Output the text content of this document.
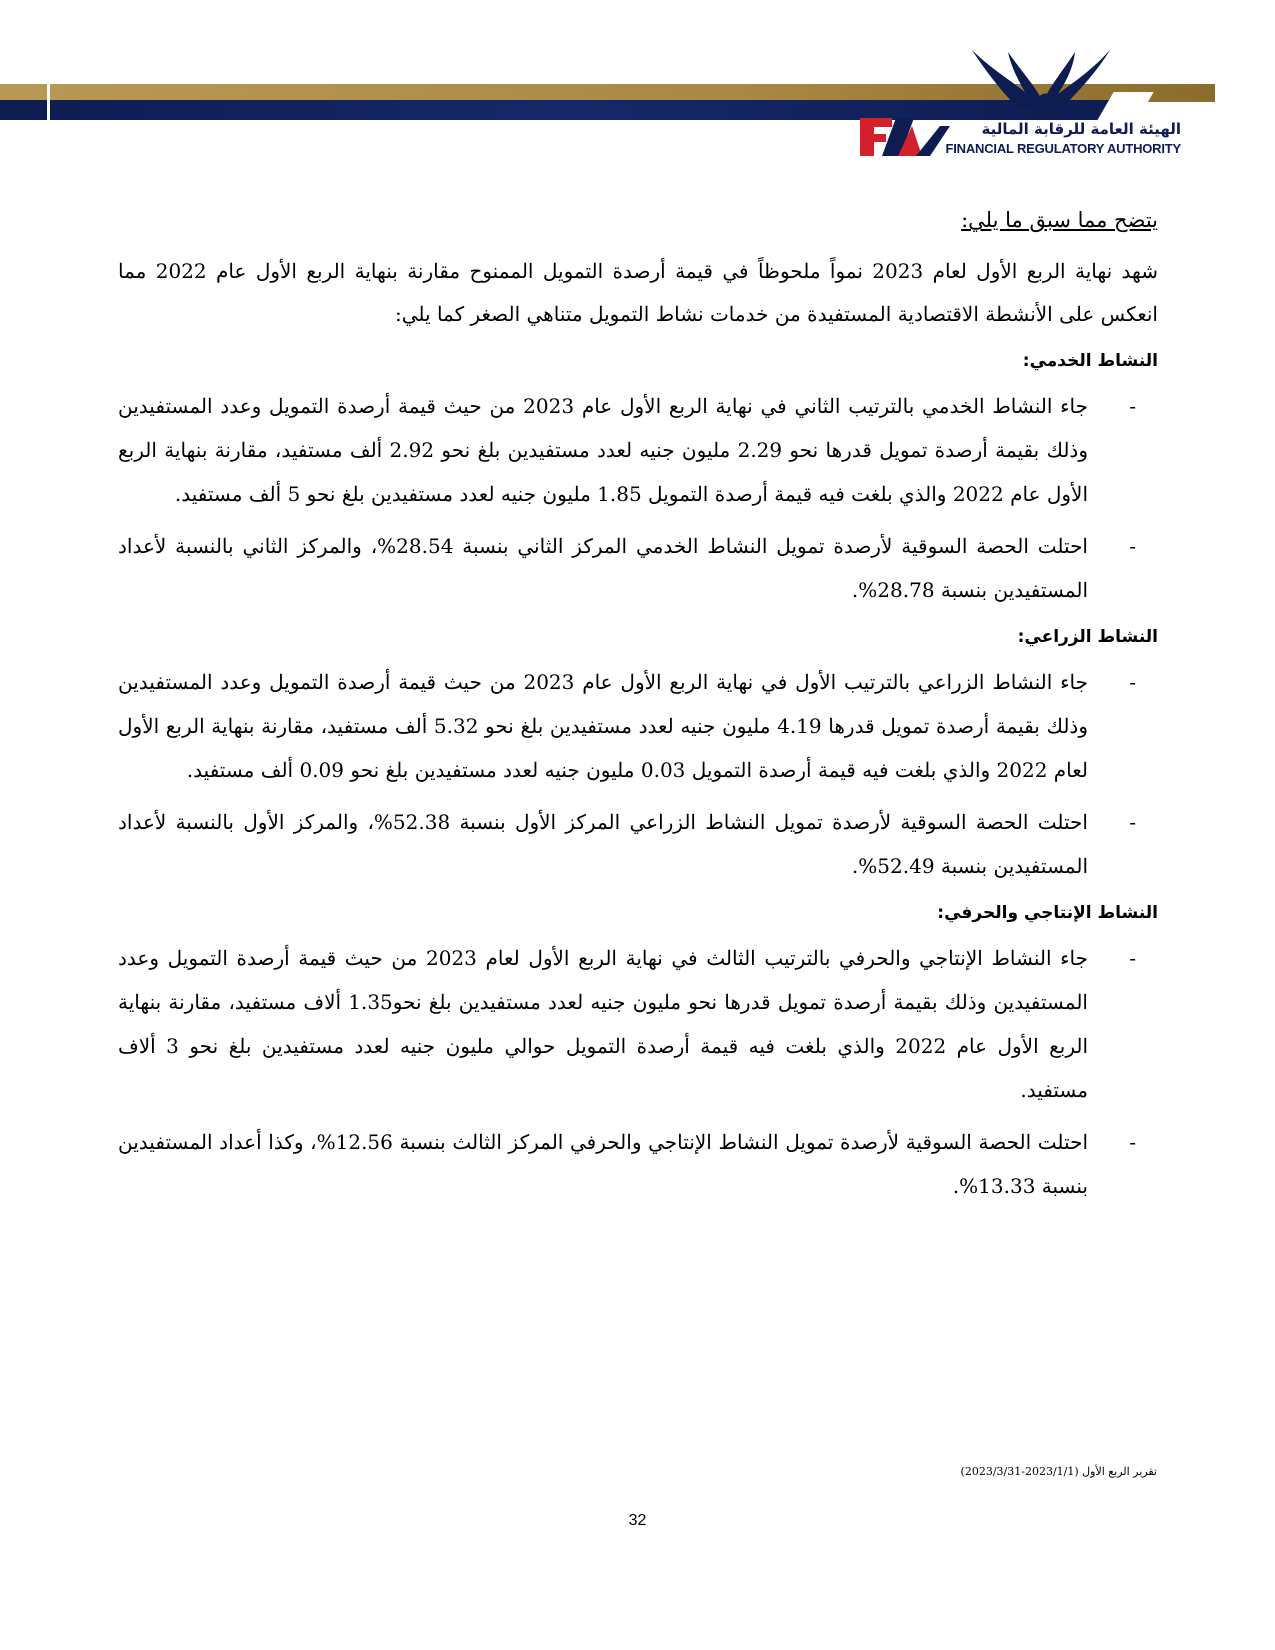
الهيئة العامة للرقابة المالية
FINANCIAL REGULATORY AUTHORITY

يتضح مما سبق ما يلي:

شهد نهاية الربع الأول لعام 2023 نمواً ملحوظاً في قيمة أرصدة التمويل الممنوح مقارنة بنهاية الربع الأول عام 2022 مما انعكس على الأنشطة الاقتصادية المستفيدة من خدمات نشاط التمويل متناهي الصغر كما يلي:

النشاط الخدمي:
-
جاء النشاط الخدمي بالترتيب الثاني في نهاية الربع الأول عام 2023 من حيث قيمة أرصدة التمويل وعدد المستفيدين وذلك بقيمة أرصدة تمويل قدرها نحو 2.29 مليون جنيه لعدد مستفيدين بلغ نحو 2.92 ألف مستفيد، مقارنة بنهاية الربع الأول عام 2022 والذي بلغت فيه قيمة أرصدة التمويل 1.85 مليون جنيه لعدد مستفيدين بلغ نحو 5 ألف مستفيد.
-
احتلت الحصة السوقية لأرصدة تمويل النشاط الخدمي المركز الثاني بنسبة 28.54%، والمركز الثاني بالنسبة لأعداد المستفيدين بنسبة 28.78%.
النشاط الزراعي:
-
جاء النشاط الزراعي بالترتيب الأول في نهاية الربع الأول عام 2023 من حيث قيمة أرصدة التمويل وعدد المستفيدين وذلك بقيمة أرصدة تمويل قدرها 4.19 مليون جنيه لعدد مستفيدين بلغ نحو 5.32 ألف مستفيد، مقارنة بنهاية الربع الأول لعام 2022 والذي بلغت فيه قيمة أرصدة التمويل 0.03 مليون جنيه لعدد مستفيدين بلغ نحو 0.09 ألف مستفيد.
-
احتلت الحصة السوقية لأرصدة تمويل النشاط الزراعي المركز الأول بنسبة 52.38%، والمركز الأول بالنسبة لأعداد المستفيدين بنسبة 52.49%.
النشاط الإنتاجي والحرفي:
-
جاء النشاط الإنتاجي والحرفي بالترتيب الثالث في نهاية الربع الأول لعام 2023 من حيث قيمة أرصدة التمويل وعدد المستفيدين وذلك بقيمة أرصدة تمويل قدرها نحو مليون جنيه لعدد مستفيدين بلغ نحو1.35 ألاف مستفيد، مقارنة بنهاية الربع الأول عام 2022 والذي بلغت فيه قيمة أرصدة التمويل حوالي مليون جنيه لعدد مستفيدين بلغ نحو 3 ألاف مستفيد.
-
احتلت الحصة السوقية لأرصدة تمويل النشاط الإنتاجي والحرفي المركز الثالث بنسبة 12.56%، وكذا أعداد المستفيدين بنسبة 13.33%.
تقرير الربع الأول (2023/1/1-2023/3/31)
32
